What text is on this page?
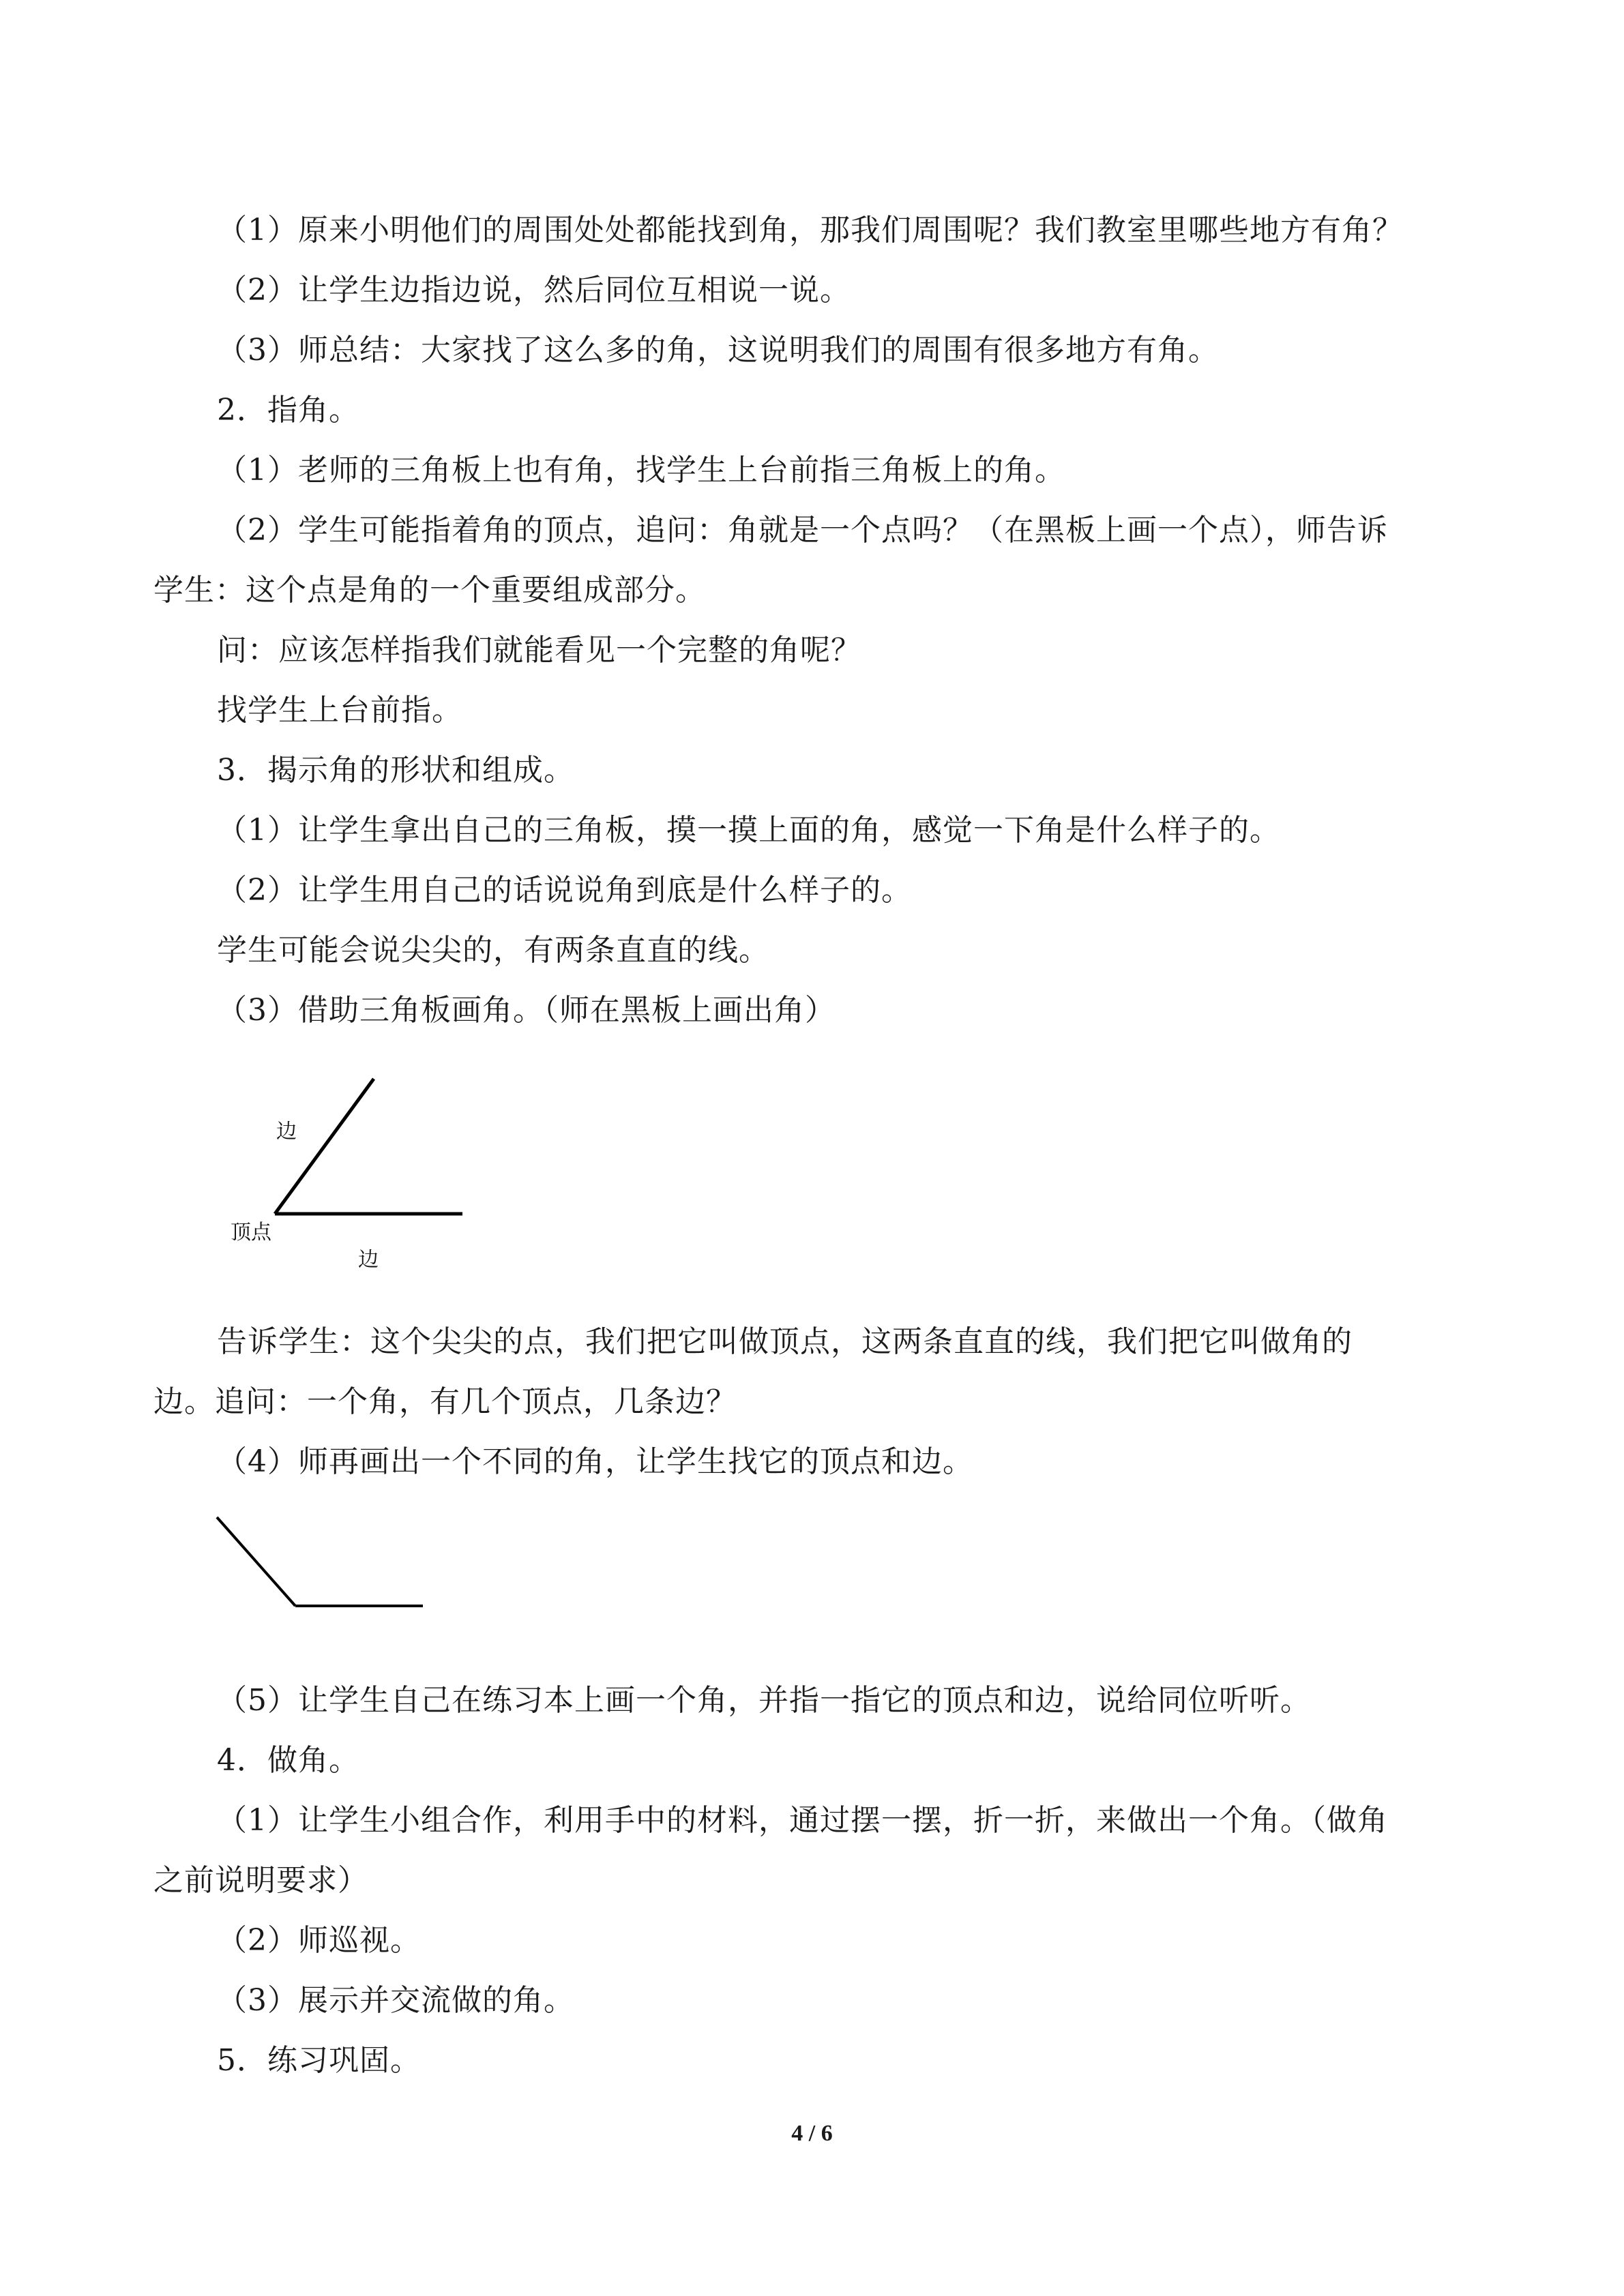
（1）原来小明他们的周围处处都能找到角，那我们周围呢？我们教室里哪些地方有角？
（2）让学生边指边说，然后同位互相说一说。
（3）师总结：大家找了这么多的角，这说明我们的周围有很多地方有角。
2．指角。
（1）老师的三角板上也有角，找学生上台前指三角板上的角。
（2）学生可能指着角的顶点，追问：角就是一个点吗？（在黑板上画一个点），师告诉
学生：这个点是角的一个重要组成部分。
问：应该怎样指我们就能看见一个完整的角呢？
找学生上台前指。
3．揭示角的形状和组成。
（1）让学生拿出自己的三角板，摸一摸上面的角，感觉一下角是什么样子的。
（2）让学生用自己的话说说角到底是什么样子的。
学生可能会说尖尖的，有两条直直的线。
（3）借助三角板画角。（师在黑板上画出角）
边
顶点
边
告诉学生：这个尖尖的点，我们把它叫做顶点，这两条直直的线，我们把它叫做角的
边。追问：一个角，有几个顶点，几条边？
（4）师再画出一个不同的角，让学生找它的顶点和边。
（5）让学生自己在练习本上画一个角，并指一指它的顶点和边，说给同位听听。
4．做角。
（1）让学生小组合作，利用手中的材料，通过摆一摆，折一折，来做出一个角。（做角
之前说明要求）
（2）师巡视。
（3）展示并交流做的角。
5．练习巩固。
4 / 6
